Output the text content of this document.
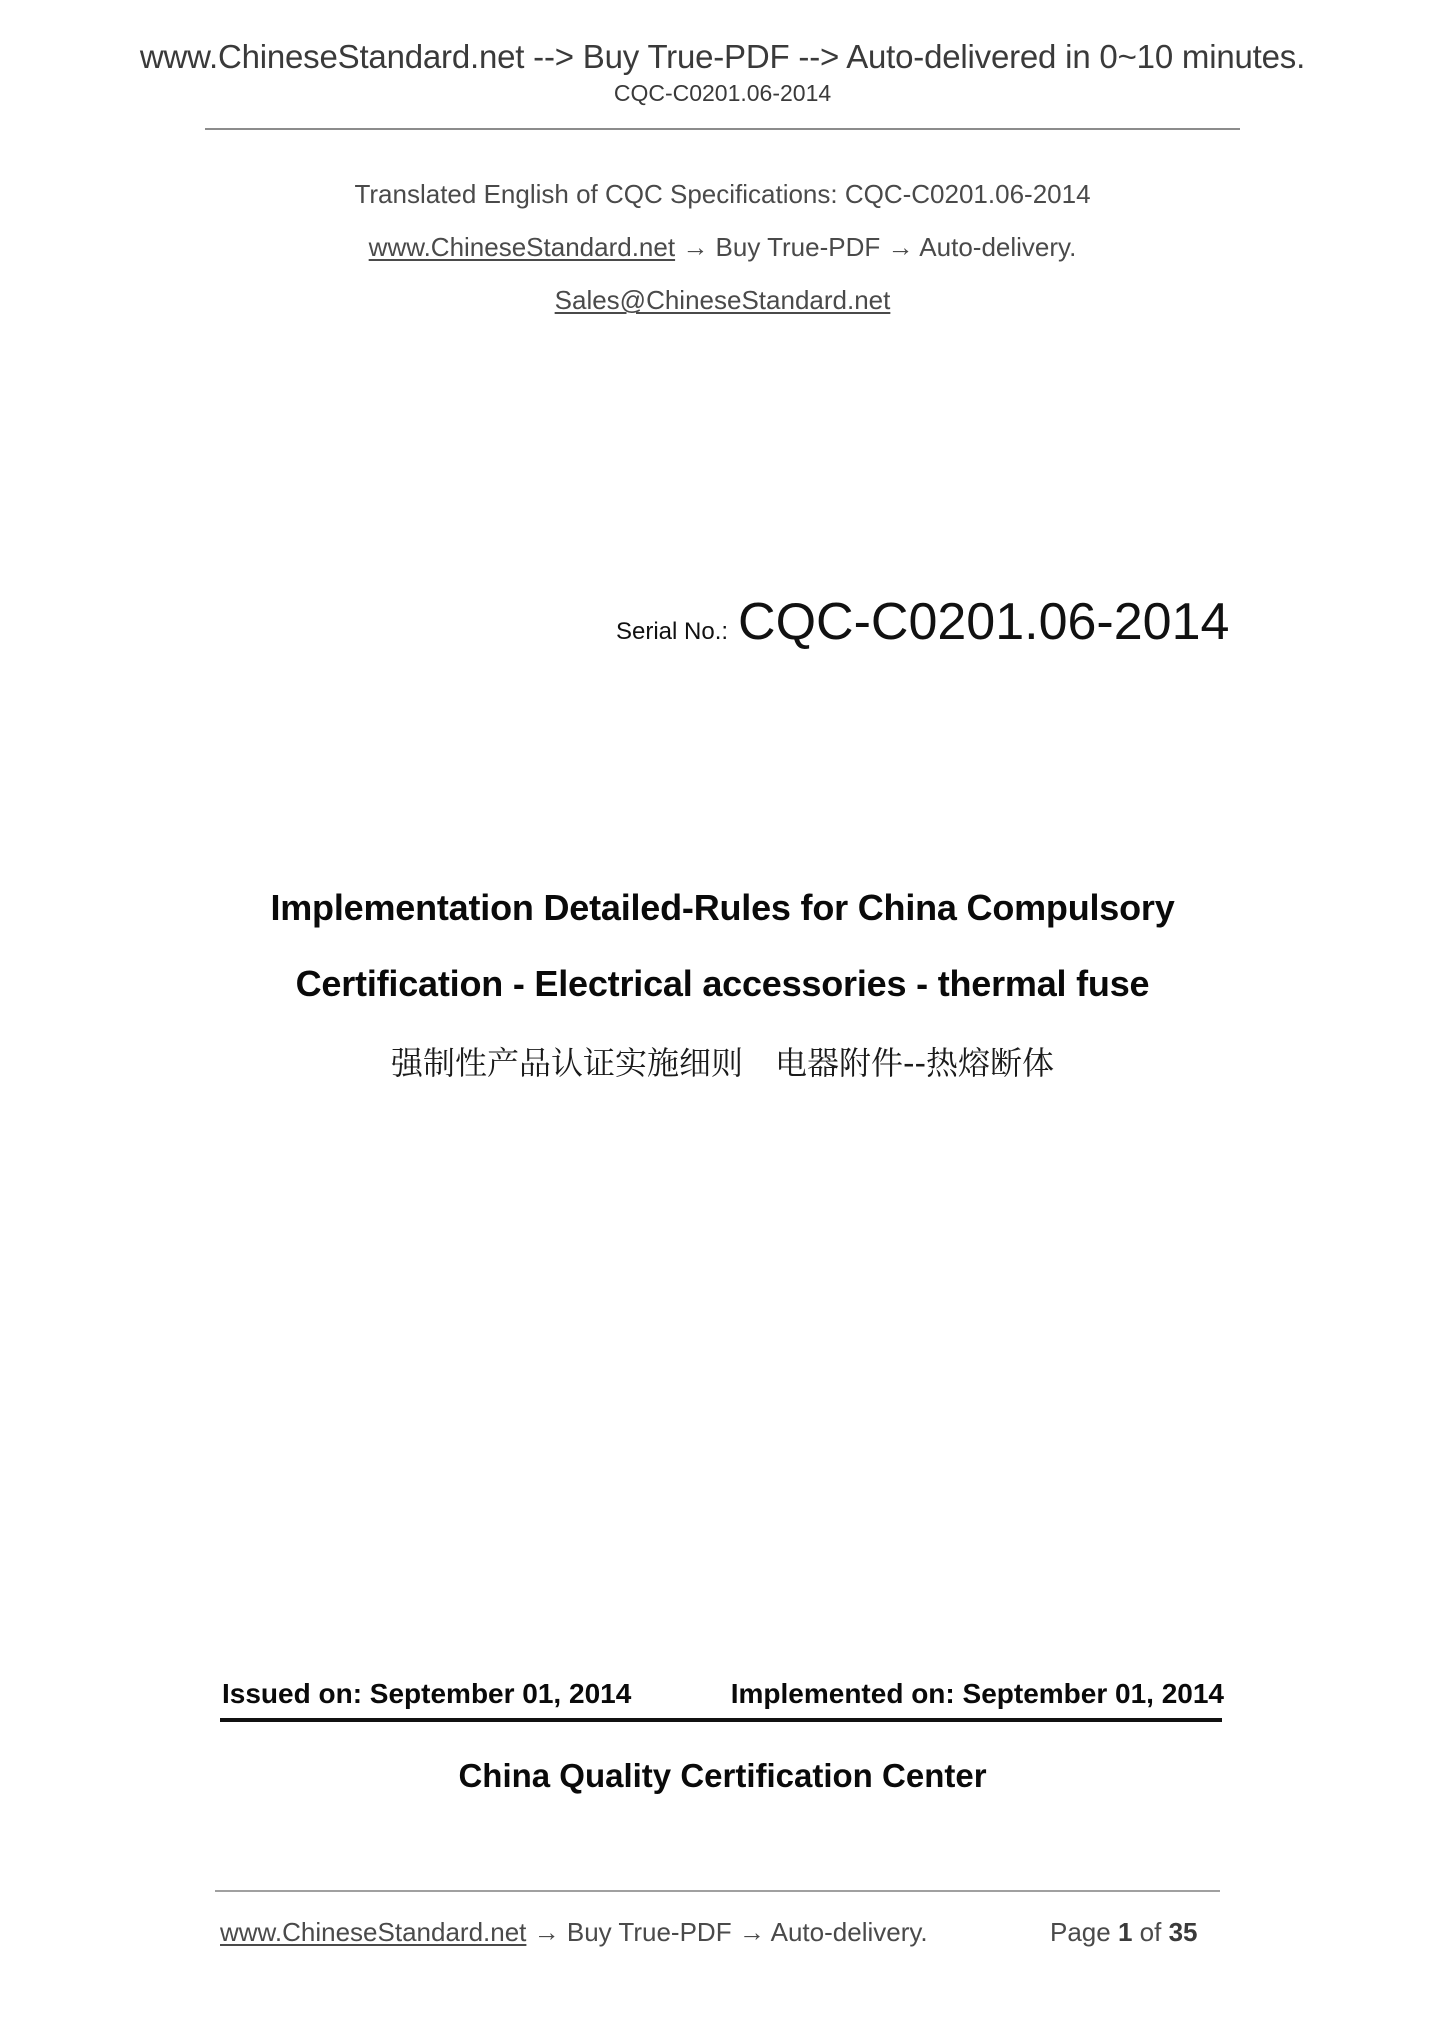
www.ChineseStandard.net --> Buy True-PDF --> Auto-delivered in 0~10 minutes.
CQC-C0201.06-2014
Translated English of CQC Specifications: CQC-C0201.06-2014
www.ChineseStandard.net → Buy True-PDF → Auto-delivery.
Sales@ChineseStandard.net
Serial No.: CQC-C0201.06-2014
Implementation Detailed-Rules for China Compulsory
Certification - Electrical accessories - thermal fuse
强制性产品认证实施细则　电器附件--热熔断体
Issued on: September 01, 2014	Implemented on: September 01, 2014
China Quality Certification Center
www.ChineseStandard.net → Buy True-PDF → Auto-delivery.	Page 1 of 35
